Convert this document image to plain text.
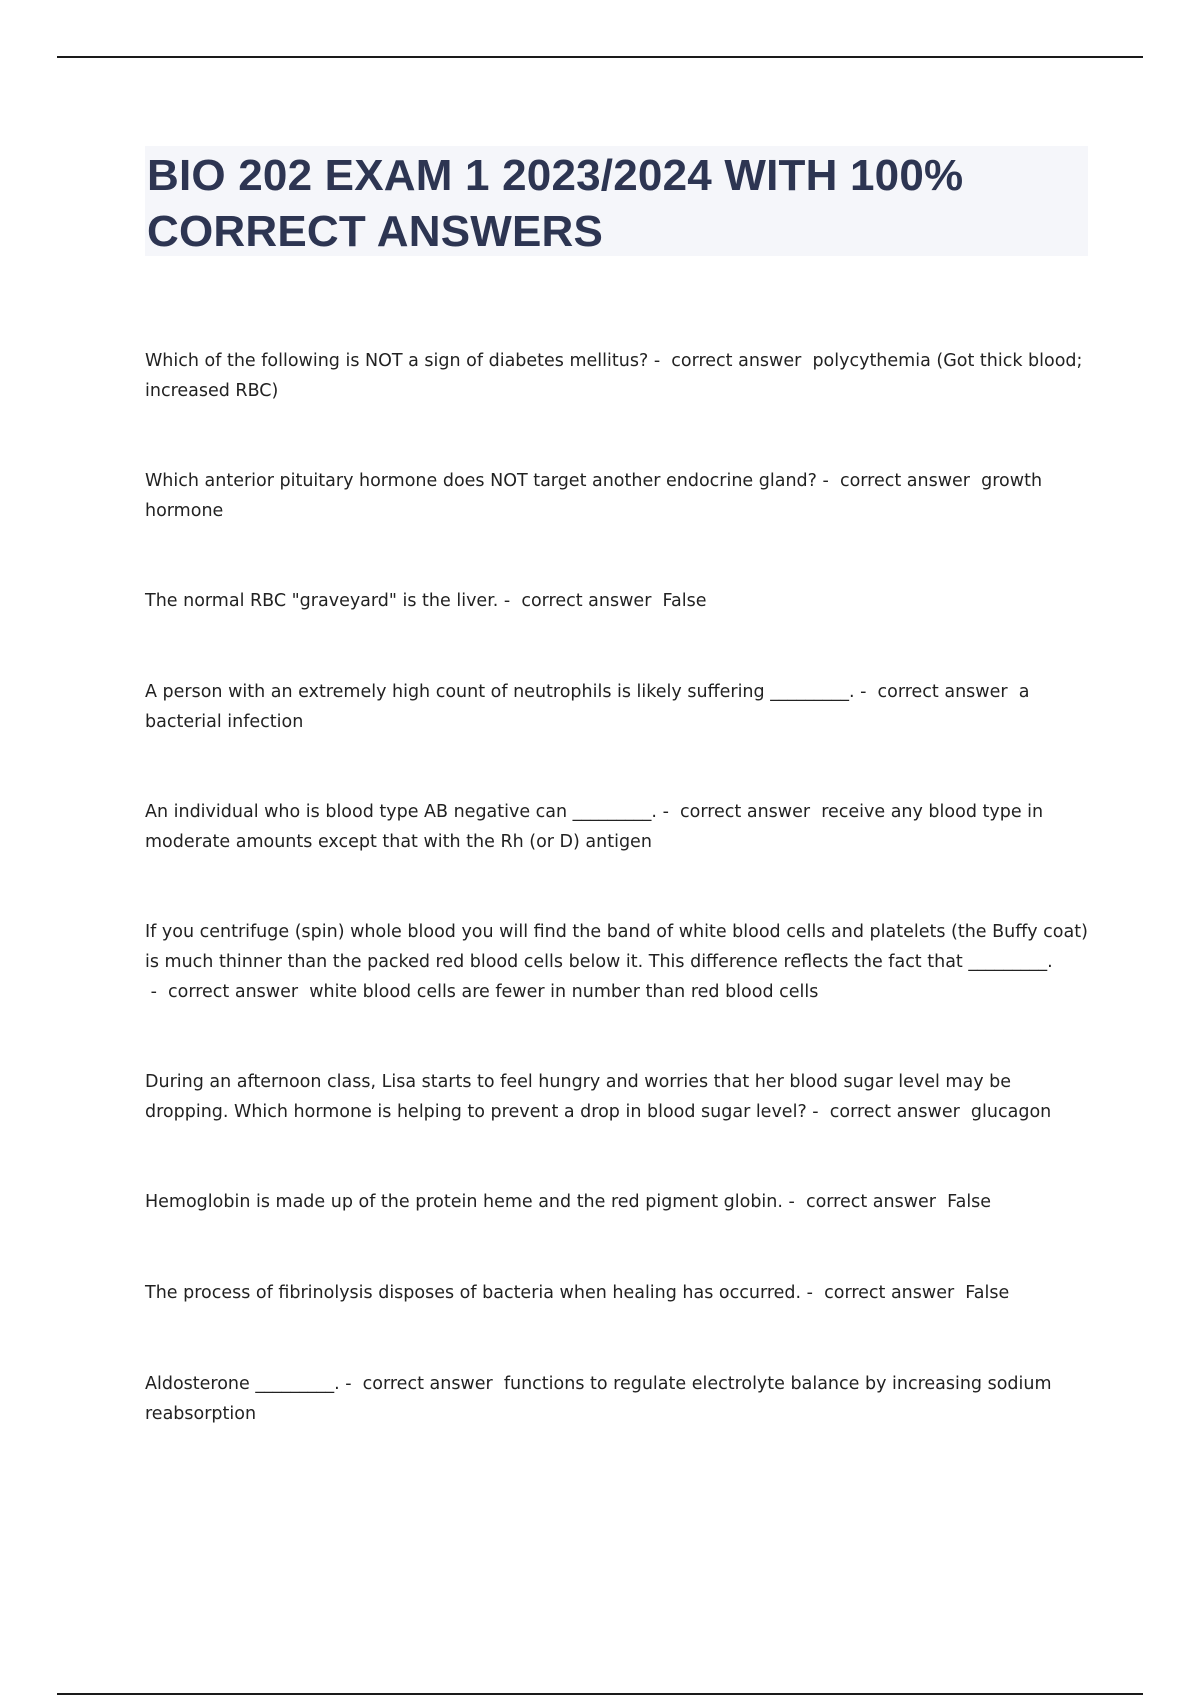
BIO 202 EXAM 1 2023/2024 WITH 100% CORRECT ANSWERS

Which of the following is NOT a sign of diabetes mellitus? -  correct answer  polycythemia (Got thick blood; increased RBC)

Which anterior pituitary hormone does NOT target another endocrine gland? -  correct answer  growth hormone

The normal RBC "graveyard" is the liver. -  correct answer  False

A person with an extremely high count of neutrophils is likely suffering _________. -  correct answer  a bacterial infection

An individual who is blood type AB negative can _________. -  correct answer  receive any blood type in moderate amounts except that with the Rh (or D) antigen

If you centrifuge (spin) whole blood you will find the band of white blood cells and platelets (the Buffy coat) is much thinner than the packed red blood cells below it. This difference reflects the fact that _________. -  correct answer  white blood cells are fewer in number than red blood cells

During an afternoon class, Lisa starts to feel hungry and worries that her blood sugar level may be dropping. Which hormone is helping to prevent a drop in blood sugar level? -  correct answer  glucagon

Hemoglobin is made up of the protein heme and the red pigment globin. -  correct answer  False

The process of fibrinolysis disposes of bacteria when healing has occurred. -  correct answer  False

Aldosterone _________. -  correct answer  functions to regulate electrolyte balance by increasing sodium reabsorption
